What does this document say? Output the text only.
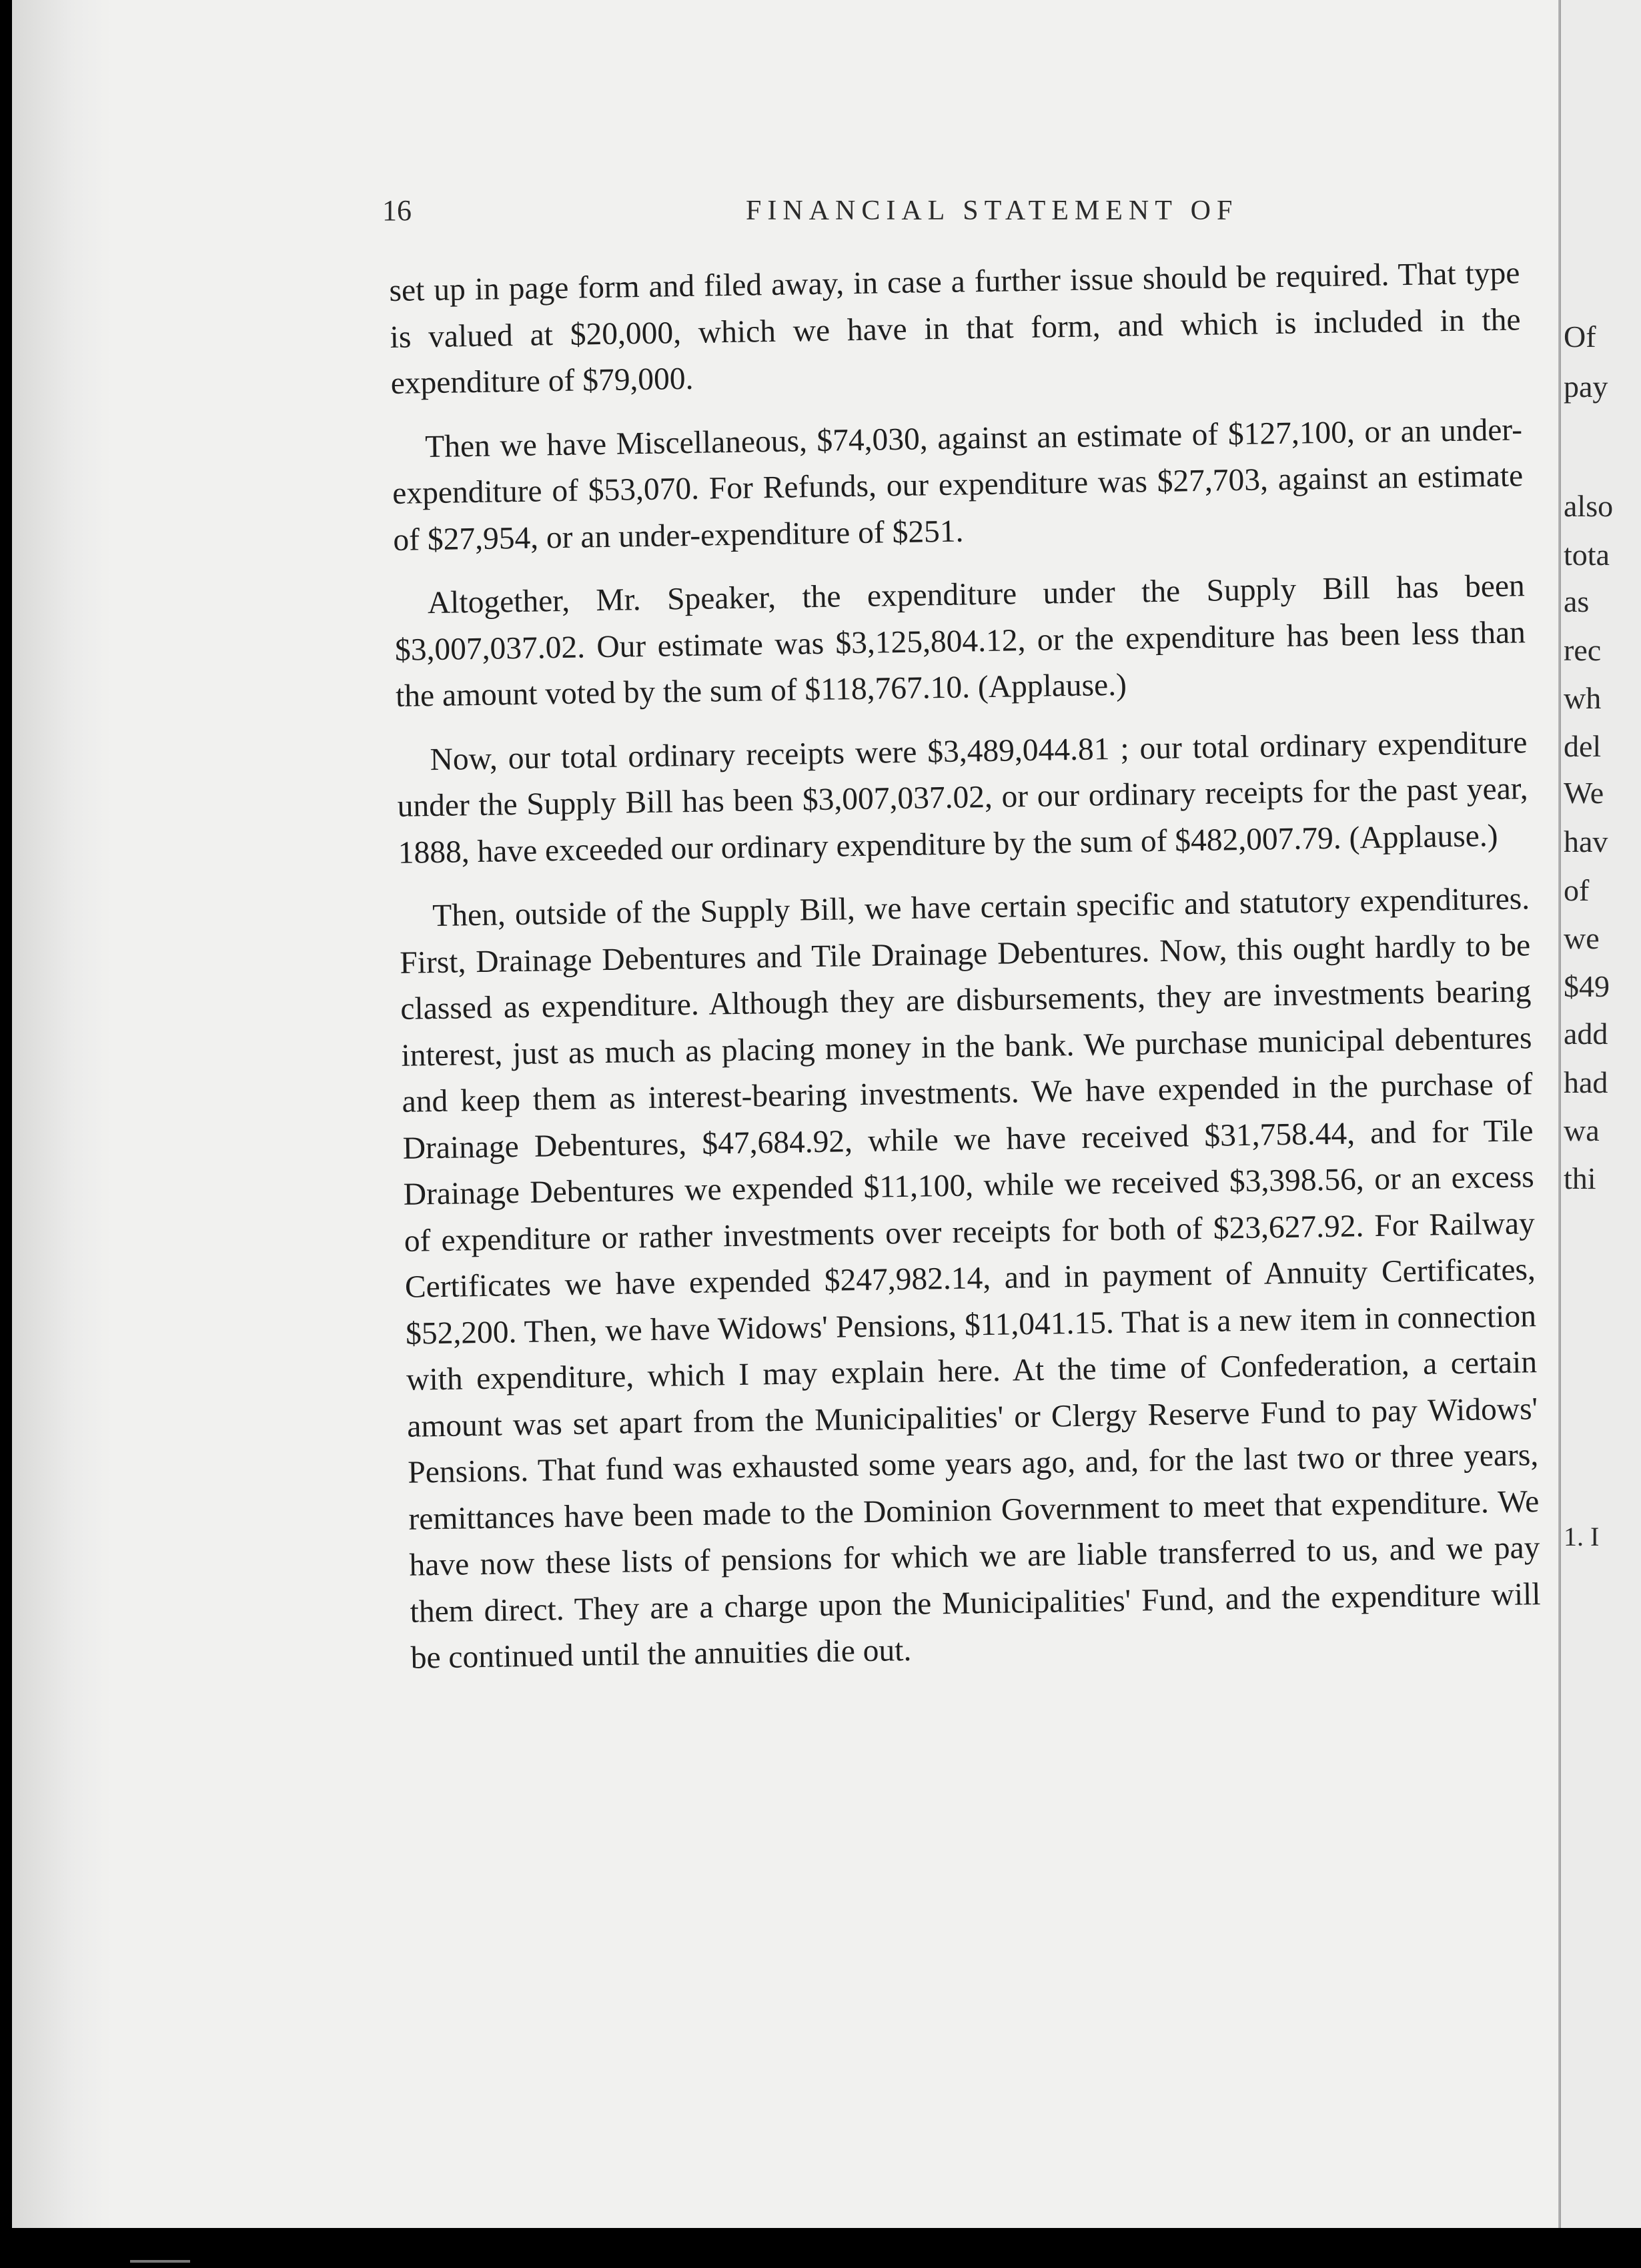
16	FINANCIAL STATEMENT OF

set up in page form and filed away, in case a further issue should be required. That type is valued at $20,000, which we have in that form, and which is included in the expenditure of $79,000.

Then we have Miscellaneous, $74,030, against an estimate of $127,100, or an under-expenditure of $53,070. For Refunds, our expenditure was $27,703, against an estimate of $27,954, or an under-expenditure of $251.

Altogether, Mr. Speaker, the expenditure under the Supply Bill has been $3,007,037.02. Our estimate was $3,125,804.12, or the expenditure has been less than the amount voted by the sum of $118,767.10. (Applause.)

Now, our total ordinary receipts were $3,489,044.81 ; our total ordinary expenditure under the Supply Bill has been $3,007,037.02, or our ordinary receipts for the past year, 1888, have exceeded our ordinary expenditure by the sum of $482,007.79. (Applause.)

Then, outside of the Supply Bill, we have certain specific and statutory expenditures. First, Drainage Debentures and Tile Drainage Debentures. Now, this ought hardly to be classed as expenditure. Although they are disbursements, they are investments bearing interest, just as much as placing money in the bank. We purchase municipal debentures and keep them as interest-bearing investments. We have expended in the purchase of Drainage Debentures, $47,684.92, while we have received $31,758.44, and for Tile Drainage Debentures we expended $11,100, while we received $3,398.56, or an excess of expenditure or rather investments over receipts for both of $23,627.92. For Railway Certificates we have expended $247,982.14, and in payment of Annuity Certificates, $52,200. Then, we have Widows' Pensions, $11,041.15. That is a new item in connection with expenditure, which I may explain here. At the time of Confederation, a certain amount was set apart from the Municipalities' or Clergy Reserve Fund to pay Widows' Pensions. That fund was exhausted some years ago, and, for the last two or three years, remittances have been made to the Dominion Government to meet that expenditure. We have now these lists of pensions for which we are liable transferred to us, and we pay them direct. They are a charge upon the Municipalities' Fund, and the expenditure will be continued until the annuities die out.

Of
pay
also
tota
as
rec
wh
del
We
hav
of
we
$49
add
had
wa
thi
1. I
